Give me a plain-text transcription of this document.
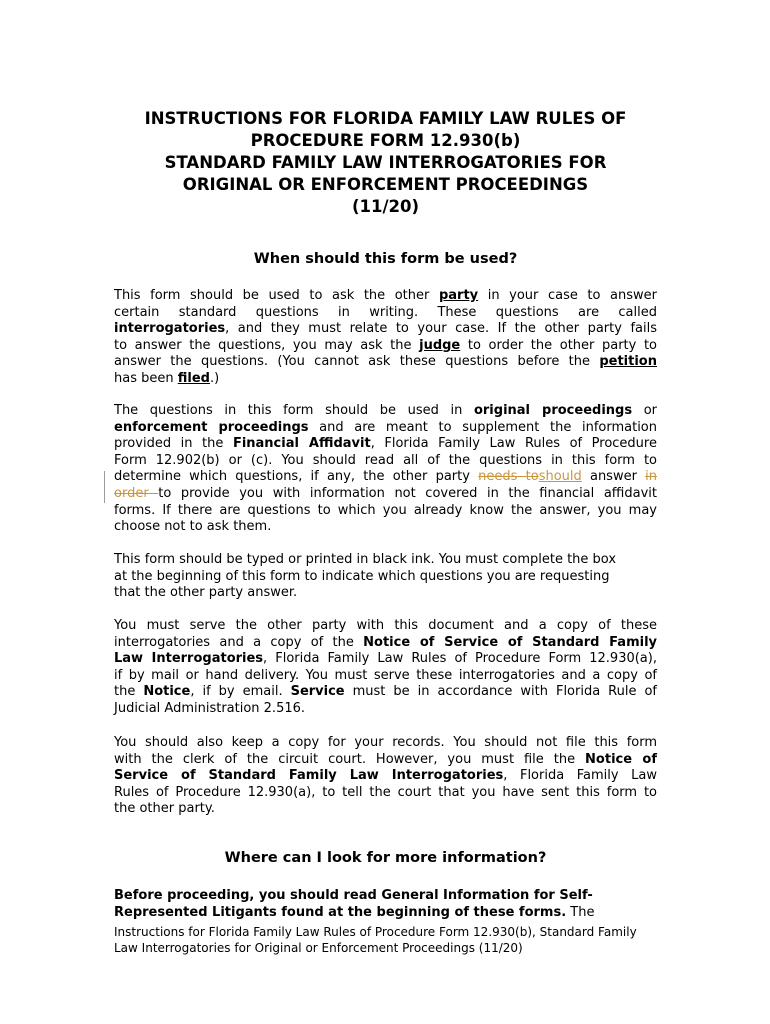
INSTRUCTIONS FOR FLORIDA FAMILY LAW RULES OF
PROCEDURE FORM 12.930(b)
STANDARD FAMILY LAW INTERROGATORIES FOR
ORIGINAL OR ENFORCEMENT PROCEEDINGS
(11/20)
When should this form be used?
This form should be used to ask the other party in your case to answer
certain standard questions in writing. These questions are called
interrogatories, and they must relate to your case. If the other party fails
to answer the questions, you may ask the judge to order the other party to
answer the questions. (You cannot ask these questions before the petition
has been filed.)
The questions in this form should be used in original proceedings or
enforcement proceedings and are meant to supplement the information
provided in the Financial Affidavit, Florida Family Law Rules of Procedure
Form 12.902(b) or (c). You should read all of the questions in this form to
determine which questions, if any, the other party needs toshould answer in
order to provide you with information not covered in the financial affidavit
forms. If there are questions to which you already know the answer, you may
choose not to ask them.
This form should be typed or printed in black ink. You must complete the box
at the beginning of this form to indicate which questions you are requesting
that the other party answer.
You must serve the other party with this document and a copy of these
interrogatories and a copy of the Notice of Service of Standard Family
Law Interrogatories, Florida Family Law Rules of Procedure Form 12.930(a),
if by mail or hand delivery. You must serve these interrogatories and a copy of
the Notice, if by email. Service must be in accordance with Florida Rule of
Judicial Administration 2.516.
You should also keep a copy for your records. You should not file this form
with the clerk of the circuit court. However, you must file the Notice of
Service of Standard Family Law Interrogatories, Florida Family Law
Rules of Procedure 12.930(a), to tell the court that you have sent this form to
the other party.
Where can I look for more information?
Before proceeding, you should read General Information for Self-
Represented Litigants found at the beginning of these forms. The
Instructions for Florida Family Law Rules of Procedure Form 12.930(b), Standard Family
Law Interrogatories for Original or Enforcement Proceedings (11/20)
